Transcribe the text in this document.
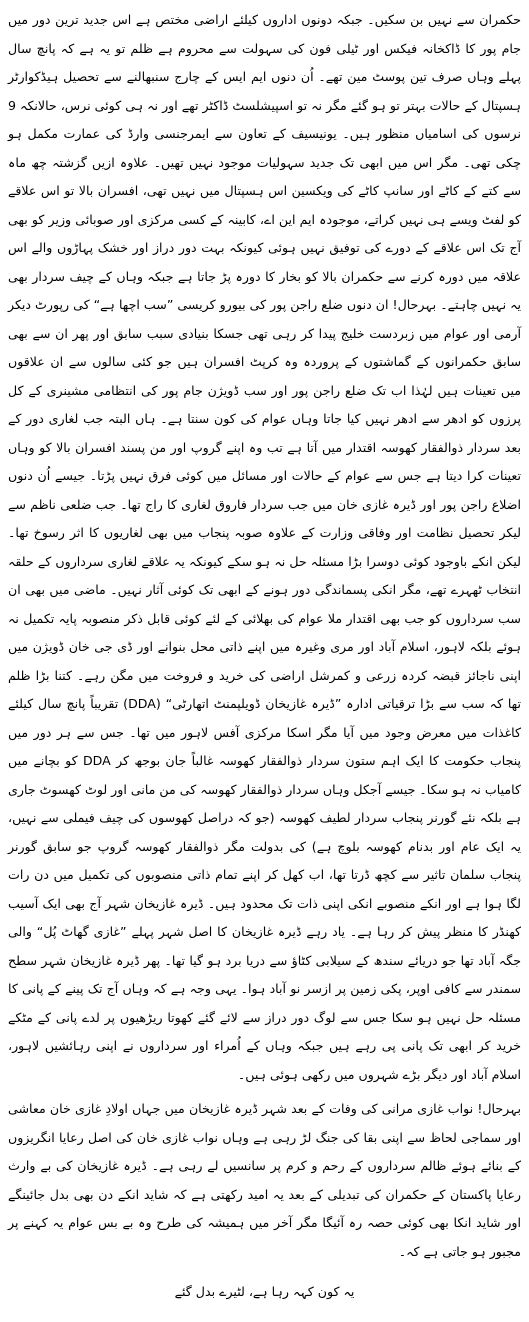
حکمران سے نہیں بن سکیں۔ جبکہ دونوں اداروں کیلئے اراضی مختص ہے اس جدید ترین دور میں جام پور کا ڈاکخانہ فیکس اور ٹیلی فون کی سہولت سے محروم ہے ظلم تو یہ ہے کہ پانچ سال پہلے وہاں صرف تین پوسٹ مین تھے۔ اُن دنوں ایم ایس کے چارج سنبھالنے سے تحصیل ہیڈکوارٹر ہسپتال کے حالات بہتر تو ہو گئے مگر نہ تو اسپیشلسٹ ڈاکٹر تھے اور نہ ہی کوئی نرس، حالانکہ 9 نرسوں کی اسامیاں منظور ہیں۔ یونیسیف کے تعاون سے ایمرجنسی وارڈ کی عمارت مکمل ہو چکی تھی۔ مگر اس میں ابھی تک جدید سہولیات موجود نہیں تھیں۔ علاوہ ازیں گزشتہ چھ ماہ سے کتے کے کاٹے اور سانپ کاٹے کی ویکسین اس ہسپتال میں نہیں تھی، افسران بالا تو اس علاقے کو لفٹ ویسے ہی نہیں کراتے، موجودہ ایم این اے، کابینہ کے کسی مرکزی اور صوبائی وزیر کو بھی آج تک اس علاقے کے دورے کی توفیق نہیں ہوئی کیونکہ بہت دور دراز اور خشک پہاڑوں والے اس علاقہ میں دورہ کرنے سے حکمران بالا کو بخار کا دورہ پڑ جاتا ہے جبکہ وہاں کے چیف سردار بھی یہ نہیں چاہتے۔ بہرحال! ان دنوں ضلع راجن پور کی بیورو کریسی ”سب اچھا ہے“ کی رپورٹ دیکر آرمی اور عوام میں زبردست خلیج پیدا کر رہی تھی جسکا بنیادی سبب سابق اور پھر ان سے بھی سابق حکمرانوں کے گماشتوں کے پروردہ وہ کرپٹ افسران ہیں جو کئی سالوں سے ان علاقوں میں تعینات ہیں لہٰذا اب تک ضلع راجن پور اور سب ڈویژن جام پور کی انتظامی مشینری کے کل پرزوں کو ادھر سے ادھر نہیں کیا جاتا وہاں عوام کی کون سنتا ہے۔ ہاں البتہ جب لغاری دور کے بعد سردار ذوالفقار کھوسہ اقتدار میں آتا ہے تب وہ اپنے گروپ اور من پسند افسران بالا کو وہاں تعینات کرا دیتا ہے جس سے عوام کے حالات اور مسائل میں کوئی فرق نہیں پڑتا۔ جیسے اُن دنوں اضلاع راجن پور اور ڈیرہ غازی خان میں جب سردار فاروق لغاری کا راج تھا۔ جب ضلعی ناظم سے لیکر تحصیل نظامت اور وفاقی وزارت کے علاوہ صوبہ پنجاب میں بھی لغاریوں کا اثر رسوخ تھا۔ لیکن انکے باوجود کوئی دوسرا بڑا مسئلہ حل نہ ہو سکے کیونکہ یہ علاقے لغاری سرداروں کے حلقہ انتخاب ٹھہرے تھے، مگر انکی پسماندگی دور ہونے کے ابھی تک کوئی آثار نہیں۔ ماضی میں بھی ان سب سرداروں کو جب بھی اقتدار ملا عوام کی بھلائی کے لئے کوئی قابل ذکر منصوبہ پایہ تکمیل نہ ہوئے بلکہ لاہور، اسلام آباد اور مری وغیرہ میں اپنے ذاتی محل بنوانے اور ڈی جی خان ڈویژن میں اپنی ناجائز قبضہ کردہ زرعی و کمرشل اراضی کی خرید و فروخت میں مگن رہے۔ کتنا بڑا ظلم تھا کہ سب سے بڑا ترقیاتی ادارہ ”ڈیرہ غازیخان ڈویلپمنٹ اتھارٹی“ (DDA) تقریباً پانچ سال کیلئے کاغذات میں معرض وجود میں آیا مگر اسکا مرکزی آفس لاہور میں تھا۔ جس سے ہر دور میں پنجاب حکومت کا ایک اہم ستون سردار ذوالفقار کھوسہ غالباً جان بوجھ کر DDA کو بچانے میں کامیاب نہ ہو سکا۔ جیسے آجکل وہاں سردار ذوالفقار کھوسہ کی من مانی اور لوٹ کھسوٹ جاری ہے بلکہ نئے گورنر پنجاب سردار لطیف کھوسہ (جو کہ دراصل کھوسوں کی چیف فیملی سے نہیں، یہ ایک عام اور بدنام کھوسہ بلوچ ہے) کی بدولت مگر ذوالفقار کھوسہ گروپ جو سابق گورنر پنجاب سلمان تاثیر سے کچھ ڈرتا تھا، اب کھل کر اپنے تمام ذاتی منصوبوں کی تکمیل میں دن رات لگا ہوا ہے اور انکے منصوبے انکی اپنی ذات تک محدود ہیں۔ ڈیرہ غازیخان شہر آج بھی ایک آسیب کھنڈر کا منظر پیش کر رہا ہے۔ یاد رہے ڈیرہ غازیخان کا اصل شہر پہلے ”غازی گھاٹ پُل“ والی جگہ آباد تھا جو دریائے سندھ کے سیلابی کٹاؤ سے دریا برد ہو گیا تھا۔ پھر ڈیرہ غازیخان شہر سطح سمندر سے کافی اوپر، پکی زمین پر ازسر نو آباد ہوا۔ یہی وجہ ہے کہ وہاں آج تک پینے کے پانی کا مسئلہ حل نہیں ہو سکا جس سے لوگ دور دراز سے لائے گئے کھوتا ریڑھیوں پر لدے پانی کے مٹکے خرید کر ابھی تک پانی پی رہے ہیں جبکہ وہاں کے اُمراء اور سرداروں نے اپنی رہائشیں لاہور، اسلام آباد اور دیگر بڑے شہروں میں رکھی ہوئی ہیں۔

بہرحال! نواب غازی مرانی کی وفات کے بعد شہر ڈیرہ غازیخان میں جہاں اولادِ غازی خان معاشی اور سماجی لحاظ سے اپنی بقا کی جنگ لڑ رہی ہے وہاں نواب غازی خان کی اصل رعایا انگریزوں کے بنائے ہوئے ظالم سرداروں کے رحم و کرم پر سانسیں لے رہی ہے۔ ڈیرہ غازیخان کی بے وارث رعایا پاکستان کے حکمران کی تبدیلی کے بعد یہ امید رکھتی ہے کہ شاید انکے دن بھی بدل جائینگے اور شاید انکا بھی کوئی حصہ رہ آئیگا مگر آخر میں ہمیشہ کی طرح وہ بے بس عوام یہ کہنے پر مجبور ہو جاتی ہے کہ۔

یہ کون کہہ رہا ہے، لٹیرے بدل گئے
